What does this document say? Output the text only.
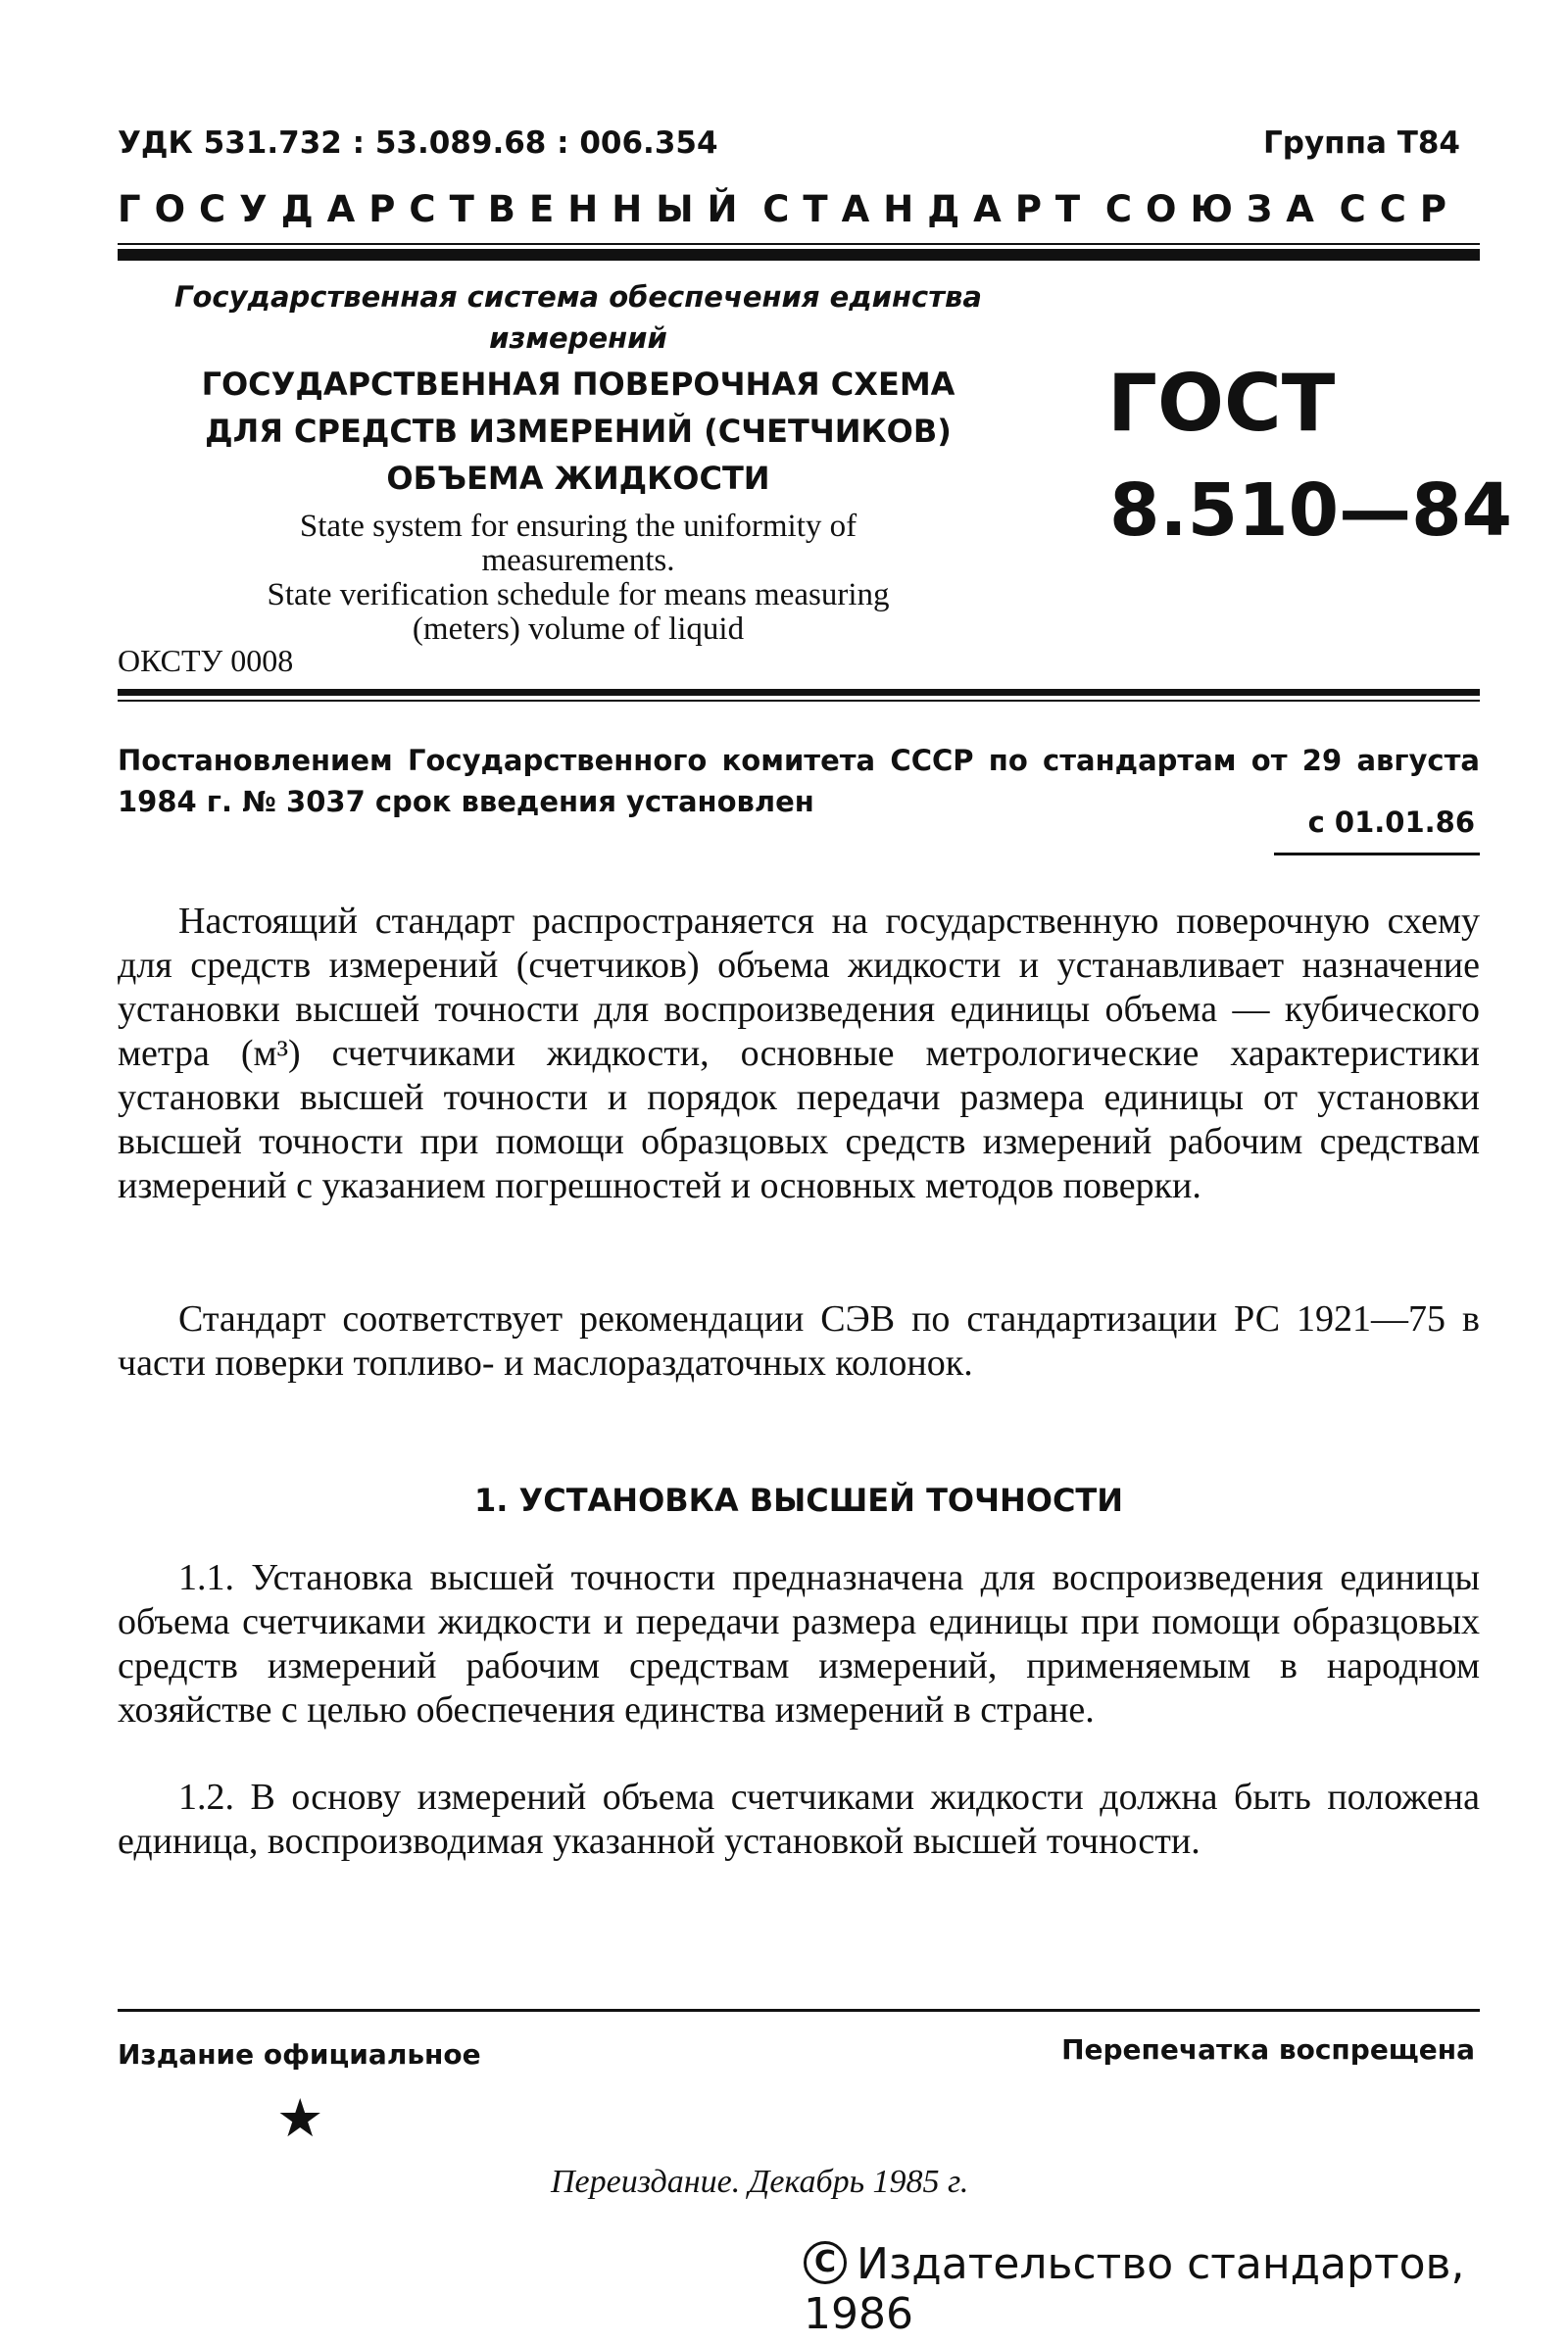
УДК 531.732 : 53.089.68 : 006.354	Группа Т84
ГОСУДАРСТВЕННЫЙ СТАНДАРТ СОЮЗА ССР
Государственная система обеспечения единства
измерений
ГОСУДАРСТВЕННАЯ ПОВЕРОЧНАЯ СХЕМА
ДЛЯ СРЕДСТВ ИЗМЕРЕНИЙ (СЧЕТЧИКОВ)
ОБЪЕМА ЖИДКОСТИ
State system for ensuring the uniformity of
measurements.
State verification schedule for means measuring
(meters) volume of liquid
ГОСТ
8.510—84
ОКСТУ 0008
Постановлением Государственного комитета СССР по стандартам от 29 августа 1984 г. № 3037 срок введения установлен
с 01.01.86

Настоящий стандарт распространяется на государственную поверочную схему для средств измерений (счетчиков) объема жидкости и устанавливает назначение установки высшей точности для воспроизведения единицы объема — кубического метра (м³) счетчиками жидкости, основные метрологические характеристики установки высшей точности и порядок передачи размера единицы от установки высшей точности при помощи образцовых средств измерений рабочим средствам измерений с указанием погрешностей и основных методов поверки.

Стандарт соответствует рекомендации СЭВ по стандартизации РС 1921—75 в части поверки топливо- и маслораздаточных колонок.

1. УСТАНОВКА ВЫСШЕЙ ТОЧНОСТИ

1.1. Установка высшей точности предназначена для воспроизведения единицы объема счетчиками жидкости и передачи размера единицы при помощи образцовых средств измерений рабочим средствам измерений, применяемым в народном хозяйстве с целью обеспечения единства измерений в стране.

1.2. В основу измерений объема счетчиками жидкости должна быть положена единица, воспроизводимая указанной установкой высшей точности.

Издание официальное	Перепечатка воспрещена
★
Переиздание. Декабрь 1985 г.
C Издательство стандартов, 1986
